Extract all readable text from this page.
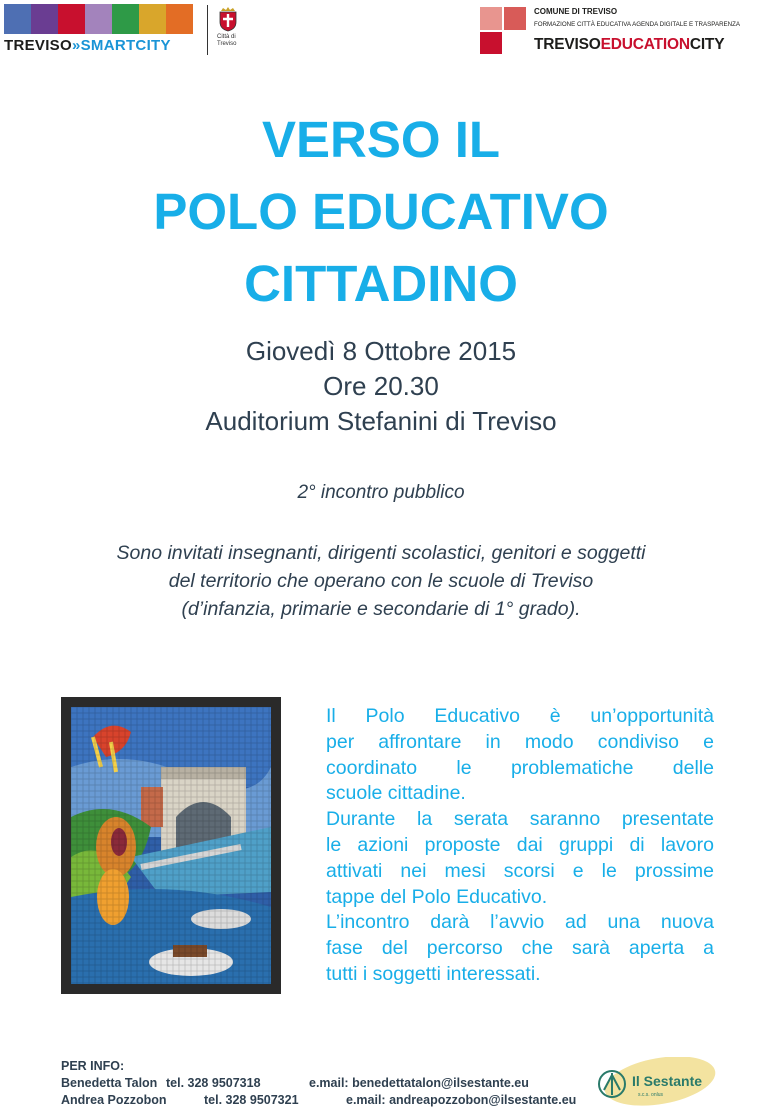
TREVISO»SMARTCITY	Città di
Treviso
COMUNE DI TREVISO
FORMAZIONE CITTÀ EDUCATIVA AGENDA DIGITALE E TRASPARENZA
TREVISOEDUCATIONCITY
VERSO IL
POLO EDUCATIVO
CITTADINO
Giovedì 8 Ottobre 2015
Ore 20.30
Auditorium Stefanini di Treviso
2° incontro pubblico
Sono invitati insegnanti, dirigenti scolastici, genitori e soggetti
del territorio che operano con le scuole di Treviso
(d’infanzia, primarie e secondarie di 1° grado).
Il Polo Educativo è un’opportunità
per affrontare in modo condiviso e
coordinato le problematiche delle
scuole cittadine.
Durante la serata saranno presentate
le azioni proposte dai gruppi di lavoro
attivati nei mesi scorsi e le prossime
tappe del Polo Educativo.
L’incontro darà l’avvio ad una nuova
fase del percorso che sarà aperta a
tutti i soggetti interessati.
PER INFO:
Benedetta Talon tel. 328 9507318	e.mail: benedettatalon@ilsestante.eu
Andrea Pozzobon	tel. 328 9507321	e.mail: andreapozzobon@ilsestante.eu
Il Sestante
s.c.s. onlus
